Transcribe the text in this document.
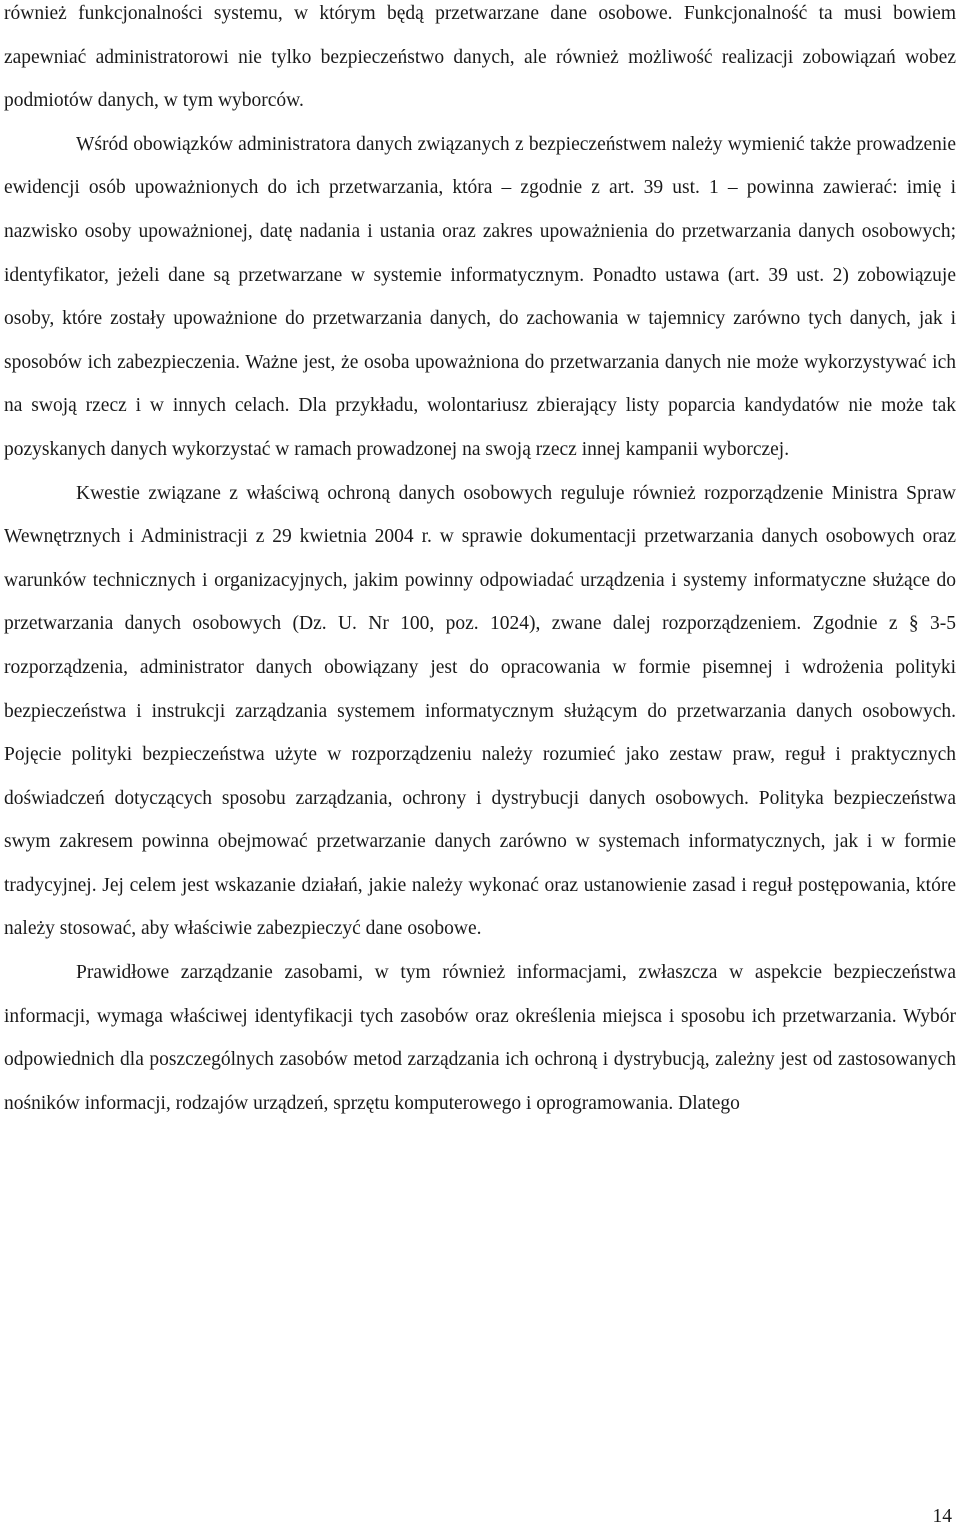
również funkcjonalności systemu, w którym będą przetwarzane dane osobowe. Funkcjonalność ta musi bowiem zapewniać administratorowi nie tylko bezpieczeństwo danych, ale również możliwość realizacji zobowiązań wobez podmiotów danych, w tym wyborców.

Wśród obowiązków administratora danych związanych z bezpieczeństwem należy wymienić także prowadzenie ewidencji osób upoważnionych do ich przetwarzania, która – zgodnie z art. 39 ust. 1 – powinna zawierać: imię i nazwisko osoby upoważnionej, datę nadania i ustania oraz zakres upoważnienia do przetwarzania danych osobowych; identyfikator, jeżeli dane są przetwarzane w systemie informatycznym. Ponadto ustawa (art. 39 ust. 2) zobowiązuje osoby, które zostały upoważnione do przetwarzania danych, do zachowania w tajemnicy zarówno tych danych, jak i sposobów ich zabezpieczenia. Ważne jest, że osoba upoważniona do przetwarzania danych nie może wykorzystywać ich na swoją rzecz i w innych celach. Dla przykładu, wolontariusz zbierający listy poparcia kandydatów nie może tak pozyskanych danych wykorzystać w ramach prowadzonej na swoją rzecz innej kampanii wyborczej.

Kwestie związane z właściwą ochroną danych osobowych reguluje również rozporządzenie Ministra Spraw Wewnętrznych i Administracji z 29 kwietnia 2004 r. w sprawie dokumentacji przetwarzania danych osobowych oraz warunków technicznych i organizacyjnych, jakim powinny odpowiadać urządzenia i systemy informatyczne służące do przetwarzania danych osobowych (Dz. U. Nr 100, poz. 1024), zwane dalej rozporządzeniem. Zgodnie z § 3-5 rozporządzenia, administrator danych obowiązany jest do opracowania w formie pisemnej i wdrożenia polityki bezpieczeństwa i instrukcji zarządzania systemem informatycznym służącym do przetwarzania danych osobowych. Pojęcie polityki bezpieczeństwa użyte w rozporządzeniu należy rozumieć jako zestaw praw, reguł i praktycznych doświadczeń dotyczących sposobu zarządzania, ochrony i dystrybucji danych osobowych. Polityka bezpieczeństwa swym zakresem powinna obejmować przetwarzanie danych zarówno w systemach informatycznych, jak i w formie tradycyjnej. Jej celem jest wskazanie działań, jakie należy wykonać oraz ustanowienie zasad i reguł postępowania, które należy stosować, aby właściwie zabezpieczyć dane osobowe.

Prawidłowe zarządzanie zasobami, w tym również informacjami, zwłaszcza w aspekcie bezpieczeństwa informacji, wymaga właściwej identyfikacji tych zasobów oraz określenia miejsca i sposobu ich przetwarzania. Wybór odpowiednich dla poszczególnych zasobów metod zarządzania ich ochroną i dystrybucją, zależny jest od zastosowanych nośników informacji, rodzajów urządzeń, sprzętu komputerowego i oprogramowania. Dlatego

14
